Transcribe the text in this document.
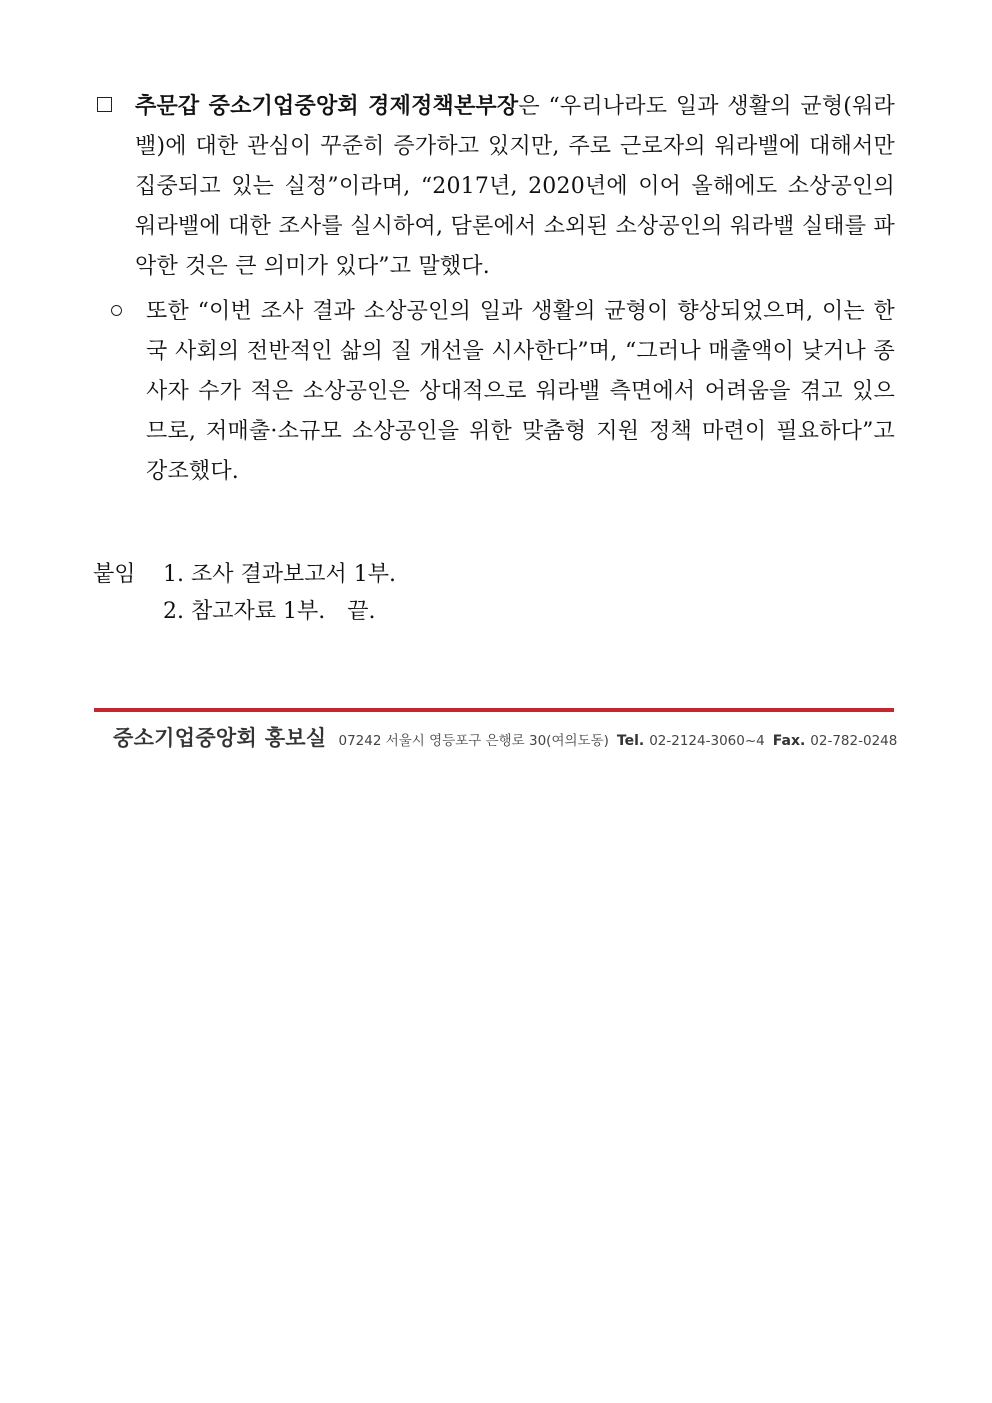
추문갑 중소기업중앙회 경제정책본부장은 “우리나라도 일과 생활의 균형(워라밸)에 대한 관심이 꾸준히 증가하고 있지만, 주로 근로자의 워라밸에 대해서만 집중되고 있는 실정”이라며, “2017년, 2020년에 이어 올해에도 소상공인의 워라밸에 대한 조사를 실시하여, 담론에서 소외된 소상공인의 워라밸 실태를 파악한 것은 큰 의미가 있다”고 말했다.

또한 “이번 조사 결과 소상공인의 일과 생활의 균형이 향상되었으며, 이는 한국 사회의 전반적인 삶의 질 개선을 시사한다”며, “그러나 매출액이 낮거나 종사자 수가 적은 소상공인은 상대적으로 워라밸 측면에서 어려움을 겪고 있으므로, 저매출·소규모 소상공인을 위한 맞춤형 지원 정책 마련이 필요하다”고 강조했다.

붙임 1. 조사 결과보고서 1부.
2. 참고자료 1부. 끝.
중소기업중앙회 홍보실 07242 서울시 영등포구 은행로 30(여의도동) Tel. 02-2124-3060~4 Fax. 02-782-0248
